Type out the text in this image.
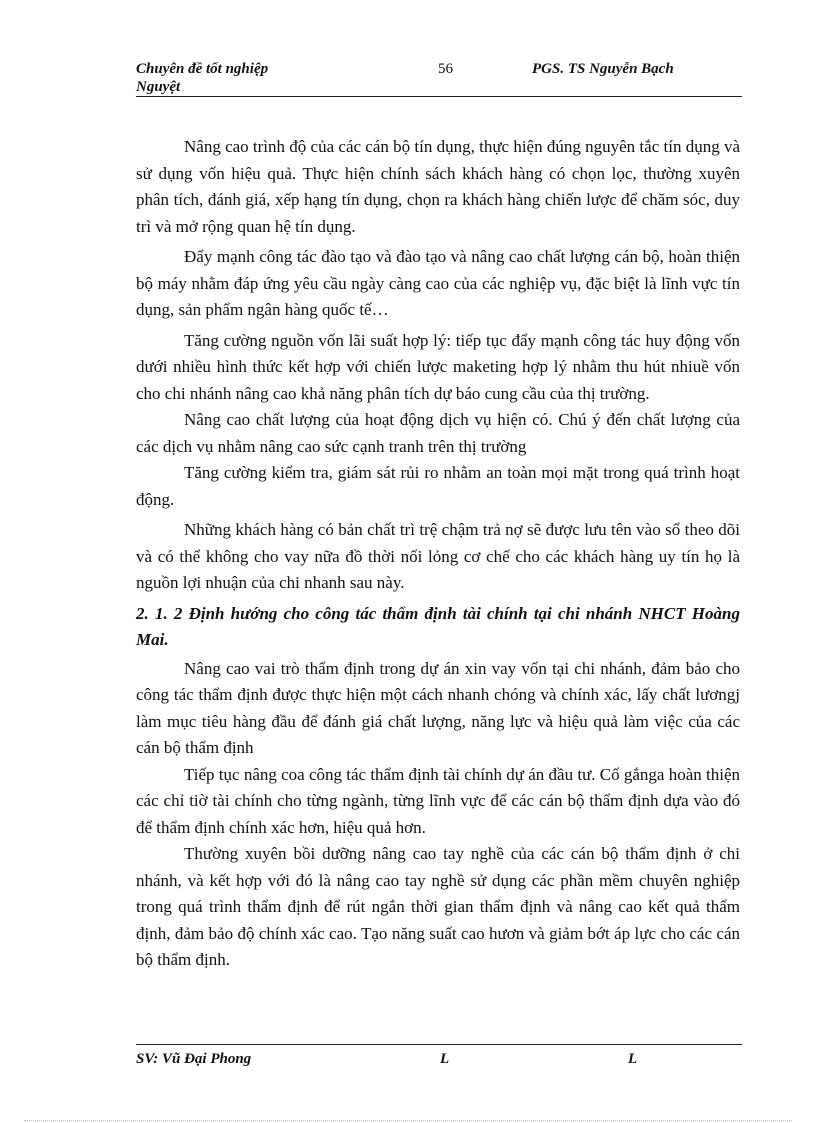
Chuyên đề tốt nghiệp	56	PGS. TS Nguyễn Bạch
Nguyệt

Nâng cao trình độ của các cán bộ tín dụng, thực hiện đúng nguyên tắc tín dụng và sử dụng vốn hiệu quả. Thực hiện chính sách khách hàng có chọn lọc, thường xuyên phân tích, đánh giá, xếp hạng tín dụng, chọn ra khách hàng chiến lược để chăm sóc, duy trì và mở rộng quan hệ tín dụng.

Đẩy mạnh công tác đào tạo và đào tạo và nâng cao chất lượng cán bộ, hoàn thiện bộ máy nhằm đáp ứng yêu cầu ngày càng cao của các nghiệp vụ, đặc biệt là lĩnh vực tín dụng, sản phẩm ngân hàng quốc tế…

Tăng cường nguồn vốn lãi suất hợp lý: tiếp tục đẩy mạnh công tác huy động vốn dưới nhiều hình thức kết hợp với chiến lược maketing hợp lý nhằm thu hút nhiuề vốn cho chi nhánh nâng cao khả năng phân tích dự báo cung cầu của thị trường.

Nâng cao chất lượng của hoạt động dịch vụ hiện có. Chú ý đến chất lượng của các dịch vụ nhằm nâng cao sức cạnh tranh trên thị trường

Tăng cường kiểm tra, giám sát rủi ro nhằm an toàn mọi mặt trong quá trình hoạt động.

Những khách hàng có bản chất trì trệ chậm trả nợ sẽ được lưu tên vào sổ theo dõi và có thể không cho vay nữa đồ thời nối lỏng cơ chế cho các khách hàng uy tín họ là nguồn lợi nhuận của chi nhanh sau này.

2. 1. 2 Định hướng cho công tác thẩm định tài chính tại chi nhánh NHCT Hoàng Mai.

Nâng cao vai trò thẩm định trong dự án xin vay vốn tại chi nhánh, đảm bảo cho công tác thẩm định được thực hiện một cách nhanh chóng và chính xác, lấy chất lươngj làm mục tiêu hàng đầu để đánh giá chất lượng, năng lực và hiệu quả làm việc của các cán bộ thẩm định

Tiếp tục nâng coa công tác thẩm định tài chính dự án đầu tư. Cố gắnga hoàn thiện các chỉ tiờ tài chính cho từng ngành, từng lĩnh vực để các cán bộ thẩm định dựa vào đó để thẩm định chính xác hơn, hiệu quả hơn.

Thường xuyên bồi dưỡng nâng cao tay nghề của các cán bộ thẩm định ở chi nhánh, và kết hợp với đó là nâng cao tay nghề sử dụng các phần mềm chuyên nghiệp trong quá trình thẩm định để rút ngắn thời gian thẩm định và nâng cao kết quả thẩm định, đảm bảo độ chính xác cao. Tạo năng suất cao hươn và giảm bớt áp lực cho các cán bộ thẩm định.

SV: Vũ Đại Phong	L	L
